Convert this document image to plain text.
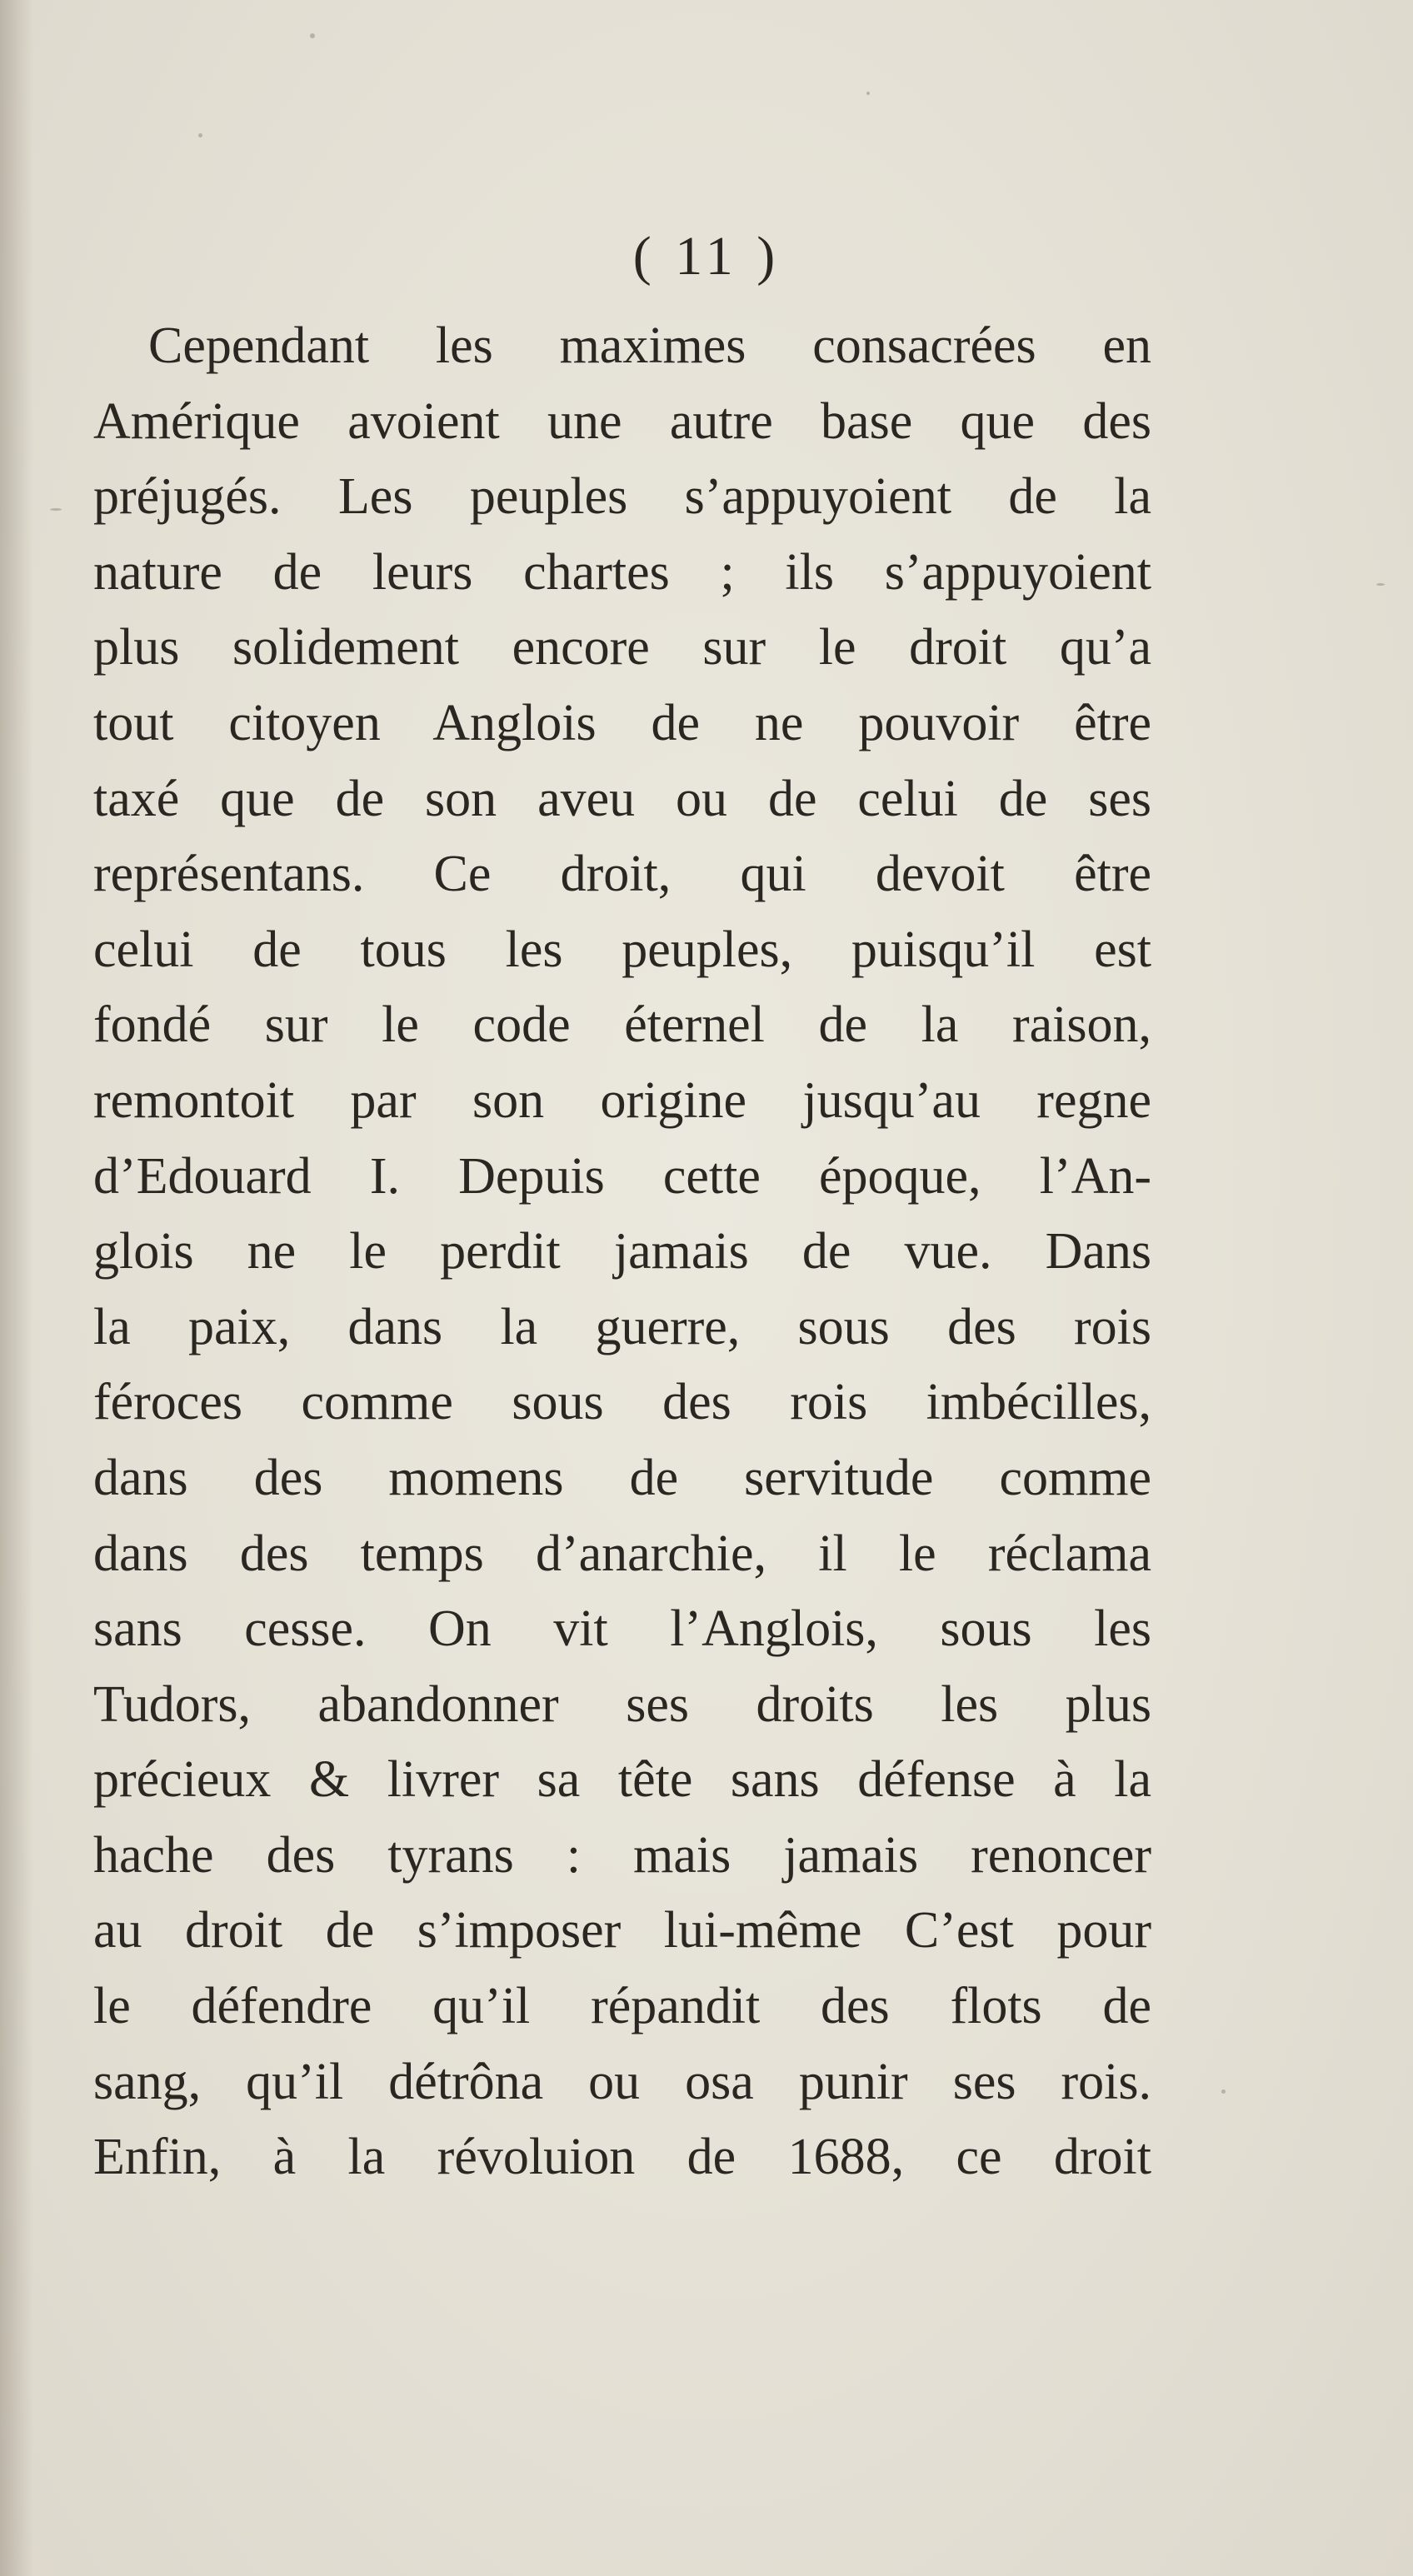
( 11 )
Cependant les maximes consacrées en
Amérique avoient une autre base que des
préjugés. Les peuples s’appuyoient de la
nature de leurs chartes ; ils s’appuyoient
plus solidement encore sur le droit qu’a
tout citoyen Anglois de ne pouvoir être
taxé que de son aveu ou de celui de ses
représentans. Ce droit, qui devoit être
celui de tous les peuples, puisqu’il est
fondé sur le code éternel de la raison,
remontoit par son origine jusqu’au regne
d’Edouard I. Depuis cette époque, l’An-
glois ne le perdit jamais de vue. Dans
la paix, dans la guerre, sous des rois
féroces comme sous des rois imbécilles,
dans des momens de servitude comme
dans des temps d’anarchie, il le réclama
sans cesse. On vit l’Anglois, sous les
Tudors, abandonner ses droits les plus
précieux & livrer sa tête sans défense à la
hache des tyrans : mais jamais renoncer
au droit de s’imposer lui-même C’est pour
le défendre qu’il répandit des flots de
sang, qu’il détrôna ou osa punir ses rois.
Enfin, à la révoluion de 1688, ce droit
